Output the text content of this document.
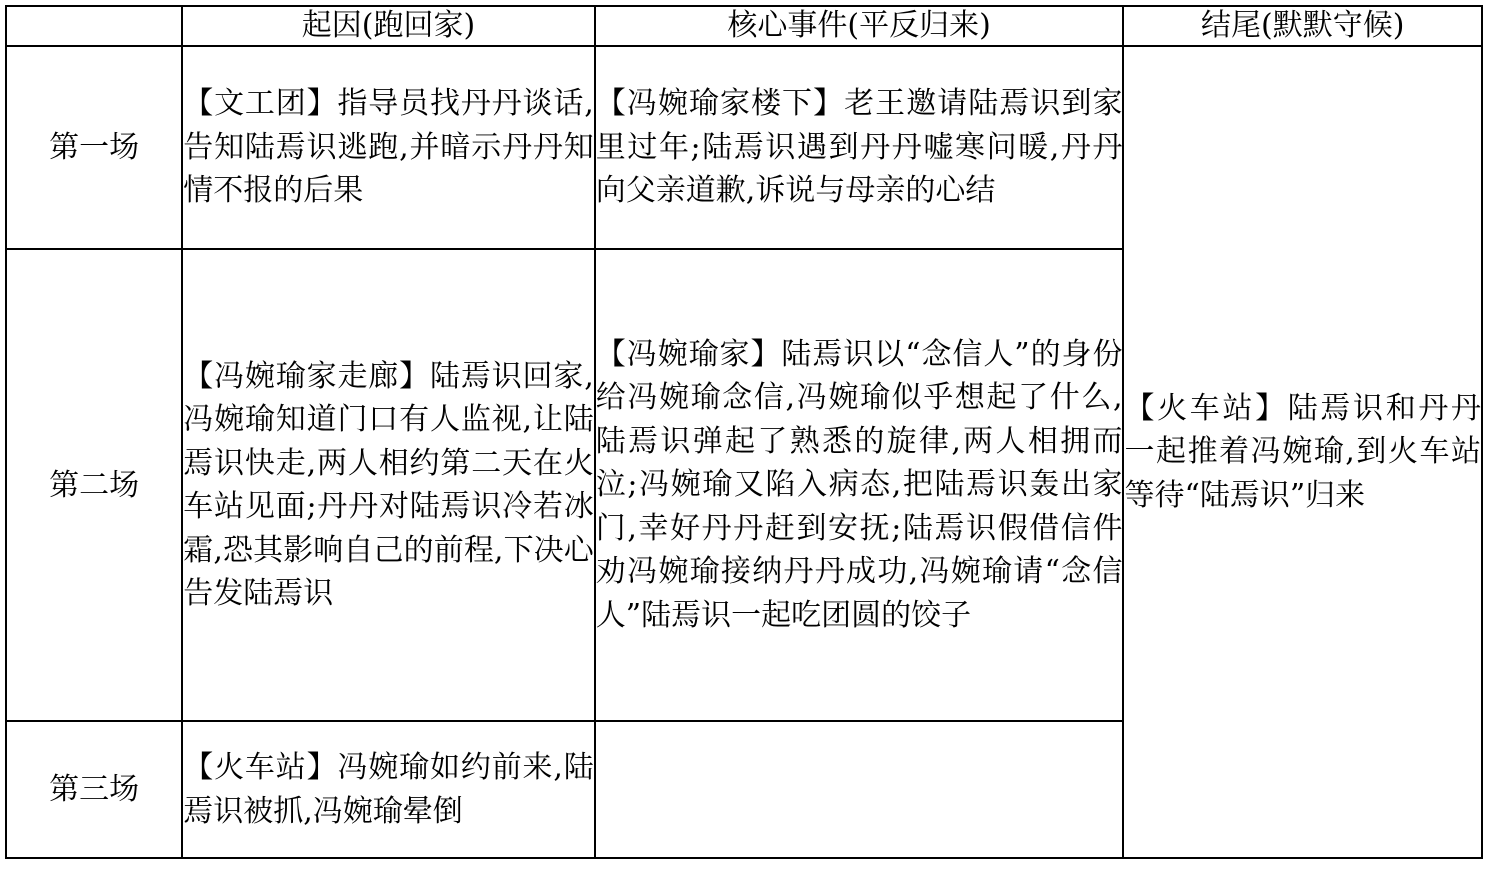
	起因(跑回家)	核心事件(平反归来)	结尾(默默守候)
第一场	【文工团】指导员找丹丹谈话,告知陆焉识逃跑,并暗示丹丹知情不报的后果	【冯婉瑜家楼下】老王邀请陆焉识到家里过年;陆焉识遇到丹丹嘘寒问暖,丹丹向父亲道歉,诉说与母亲的心结	【火车站】陆焉识和丹丹一起推着冯婉瑜,到火车站等待“陆焉识”归来
第二场	【冯婉瑜家走廊】陆焉识回家,冯婉瑜知道门口有人监视,让陆焉识快走,两人相约第二天在火车站见面;丹丹对陆焉识冷若冰霜,恐其影响自己的前程,下决心告发陆焉识	【冯婉瑜家】陆焉识以“念信人”的身份给冯婉瑜念信,冯婉瑜似乎想起了什么,陆焉识弹起了熟悉的旋律,两人相拥而泣;冯婉瑜又陷入病态,把陆焉识轰出家门,幸好丹丹赶到安抚;陆焉识假借信件劝冯婉瑜接纳丹丹成功,冯婉瑜请“念信人”陆焉识一起吃团圆的饺子	
第三场	【火车站】冯婉瑜如约前来,陆焉识被抓,冯婉瑜晕倒		
